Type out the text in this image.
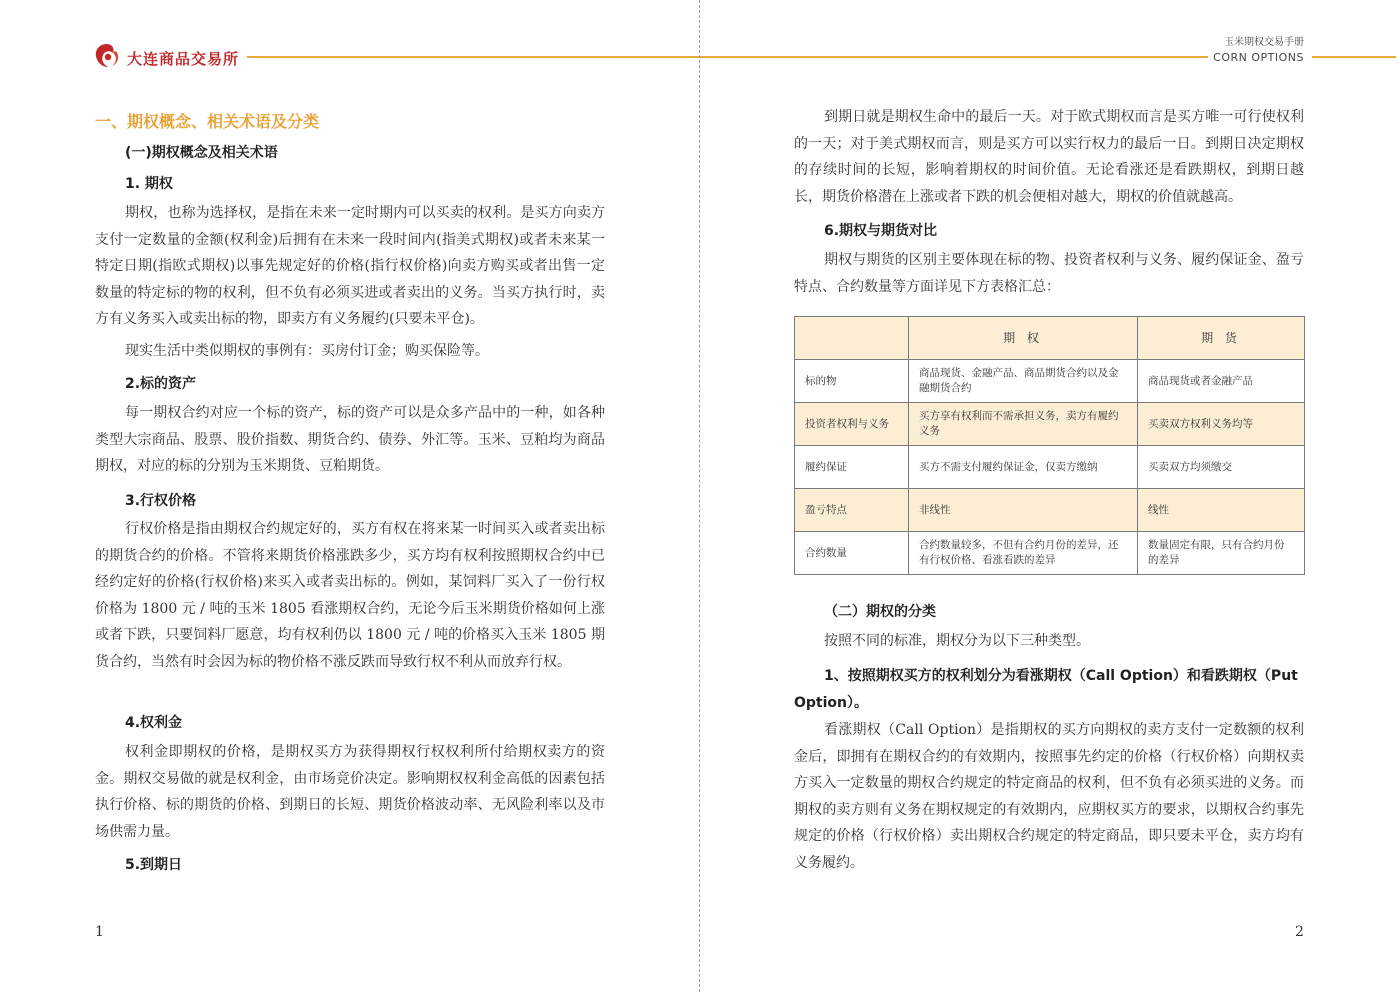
大连商品交易所
玉米期权交易手册
CORN OPTIONS
一、期权概念、相关术语及分类
(一)期权概念及相关术语
1. 期权
期权，也称为选择权，是指在未来一定时期内可以买卖的权利。是买方向卖方支付一定数量的金额(权利金)后拥有在未来一段时间内(指美式期权)或者未来某一特定日期(指欧式期权)以事先规定好的价格(指行权价格)向卖方购买或者出售一定数量的特定标的物的权利，但不负有必须买进或者卖出的义务。当买方执行时，卖方有义务买入或卖出标的物，即卖方有义务履约(只要未平仓)。
现实生活中类似期权的事例有：买房付订金；购买保险等。
2.标的资产
每一期权合约对应一个标的资产，标的资产可以是众多产品中的一种，如各种类型大宗商品、股票、股价指数、期货合约、债券、外汇等。玉米、豆粕均为商品期权，对应的标的分别为玉米期货、豆粕期货。
3.行权价格
行权价格是指由期权合约规定好的，买方有权在将来某一时间买入或者卖出标的期货合约的价格。不管将来期货价格涨跌多少，买方均有权利按照期权合约中已经约定好的价格(行权价格)来买入或者卖出标的。例如，某饲料厂买入了一份行权价格为 1800 元 / 吨的玉米 1805 看涨期权合约，无论今后玉米期货价格如何上涨或者下跌，只要饲料厂愿意，均有权利仍以 1800 元 / 吨的价格买入玉米 1805 期货合约，当然有时会因为标的物价格不涨反跌而导致行权不利从而放弃行权。
4.权利金
权利金即期权的价格，是期权买方为获得期权行权权利所付给期权卖方的资金。期权交易做的就是权利金，由市场竞价决定。影响期权权利金高低的因素包括执行价格、标的期货的价格、到期日的长短、期货价格波动率、无风险利率以及市场供需力量。
5.到期日
1
到期日就是期权生命中的最后一天。对于欧式期权而言是买方唯一可行使权利的一天；对于美式期权而言，则是买方可以实行权力的最后一日。到期日决定期权的存续时间的长短，影响着期权的时间价值。无论看涨还是看跌期权，到期日越长，期货价格潜在上涨或者下跌的机会便相对越大，期权的价值就越高。
6.期权与期货对比
期权与期货的区别主要体现在标的物、投资者权利与义务、履约保证金、盈亏特点、合约数量等方面详见下方表格汇总：
	期 权	期 货
标的物	商品现货、金融产品、商品期货合约以及金融期货合约	商品现货或者金融产品
投资者权利与义务	买方享有权利而不需承担义务，卖方有履约义务	买卖双方权利义务均等
履约保证	买方不需支付履约保证金，仅卖方缴纳	买卖双方均须缴交
盈亏特点	非线性	线性
合约数量	合约数量较多，不但有合约月份的差异，还有行权价格、看涨看跌的差异	数量固定有限，只有合约月份的差异
（二）期权的分类
按照不同的标准，期权分为以下三种类型。
1、按照期权买方的权利划分为看涨期权（Call Option）和看跌期权（Put Option）。
看涨期权（Call Option）是指期权的买方向期权的卖方支付一定数额的权利金后，即拥有在期权合约的有效期内，按照事先约定的价格（行权价格）向期权卖方买入一定数量的期权合约规定的特定商品的权利，但不负有必须买进的义务。而期权的卖方则有义务在期权规定的有效期内，应期权买方的要求，以期权合约事先规定的价格（行权价格）卖出期权合约规定的特定商品，即只要未平仓，卖方均有义务履约。
2
